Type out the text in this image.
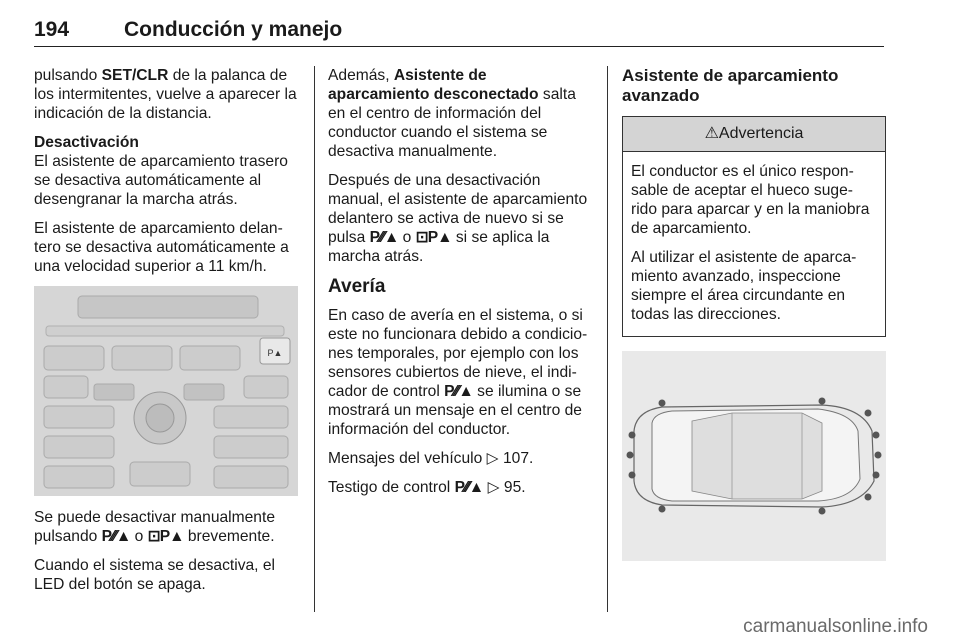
194	Conducción y manejo

pulsando SET/CLR de la palanca de los intermitentes, vuelve a aparecer la indicación de la distancia.

Desactivación

El asistente de aparcamiento trasero se desactiva automáticamente al desengranar la marcha atrás.

El asistente de aparcamiento delan-tero se desactiva automáticamente a una velocidad superior a 11 km/h.

P▲

Se puede desactivar manualmente pulsando P⁄⁄⁄▲ o ⊡P▲ brevemente.

Cuando el sistema se desactiva, el LED del botón se apaga.

Además, Asistente de aparcamiento desconectado salta en el centro de información del conductor cuando el sistema se desactiva manualmente.

Después de una desactivación manual, el asistente de aparcamiento delantero se activa de nuevo si se pulsa P⁄⁄⁄▲ o ⊡P▲ si se aplica la marcha atrás.

Avería

En caso de avería en el sistema, o si este no funcionara debido a condicio-nes temporales, por ejemplo con los sensores cubiertos de nieve, el indi-cador de control P⁄⁄⁄▲ se ilumina o se mostrará un mensaje en el centro de información del conductor.

Mensajes del vehículo ▷ 107.

Testigo de control P⁄⁄⁄▲ ▷ 95.

Asistente de aparcamiento avanzado
⚠Advertencia

El conductor es el único respon-sable de aceptar el hueco suge-rido para aparcar y en la maniobra de aparcamiento.

Al utilizar el asistente de aparca-miento avanzado, inspeccione siempre el área circundante en todas las direcciones.

carmanualsonline.info
